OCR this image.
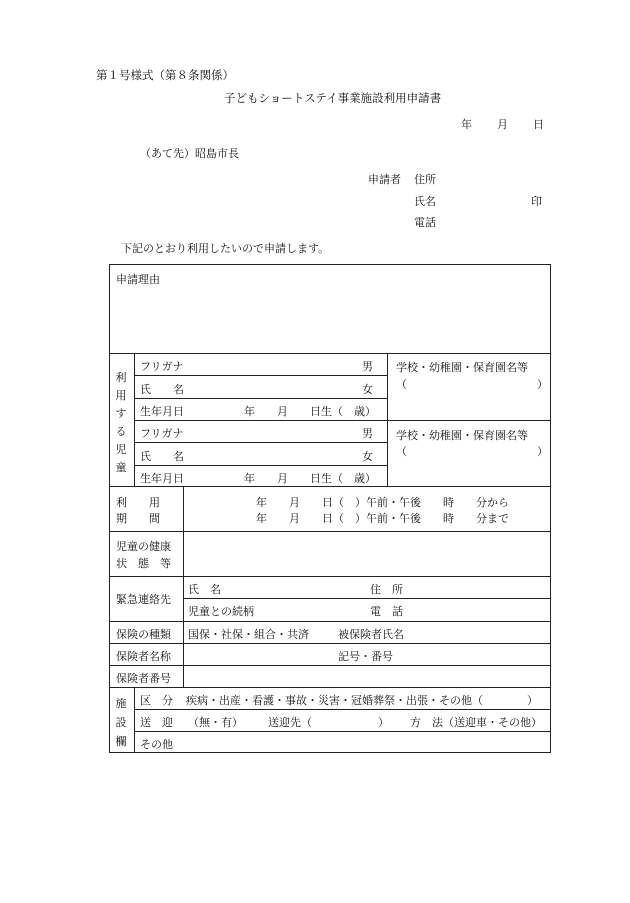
第１号様式（第８条関係）
子どもショートステイ事業施設利用申請書
年 月 日
（あて先）昭島市長
申請者 住所
氏名	印
電話
下記のとおり利用したいので申請します。
申請理由
利用する児童
フリガナ	男
氏　　名	女
生年月日	年　　月　　日生（　歳）
学校・幼稚園・保育園名等
（	）
フリガナ	男
氏　　名	女
生年月日	年　　月　　日生（　歳）
学校・幼稚園・保育園名等
（	）
利　　用
期　　間
年　　月　　日（　）午前・午後　　時　　分から
年　　月　　日（　）午前・午後　　時　　分まで
児童の健康
状　態　等
緊急連絡先
氏　名	住　所
児童との続柄	電　話
保険の種類 国保・社保・組合・共済	被保険者氏名
保険者名称	記号・番号
保険者番号
施設欄
区　分 疾病・出産・看護・事故・災害・冠婚葬祭・出張・その他（　　　　）
送　迎 （無・有） 送迎先（　　　　　　） 方　法（送迎車・その他）
その他
